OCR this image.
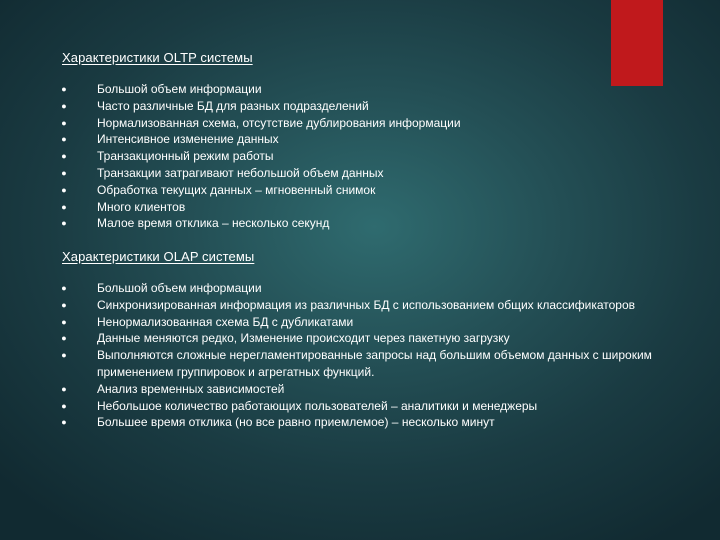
Характеристики OLTP системы
●	Большой объем информации
●	Часто различные БД для разных подразделений
●	Нормализованная схема, отсутствие дублирования информации
●	Интенсивное изменение данных
●	Транзакционный режим работы
●	Транзакции затрагивают небольшой объем данных
●	Обработка текущих данных – мгновенный снимок
●	Много клиентов
●	Малое время отклика – несколько секунд
Характеристики OLAP системы
●	Большой объем информации
●	Синхронизированная информация из различных БД с использованием общих классификаторов
●	Ненормализованная схема БД с дубликатами
●	Данные меняются редко, Изменение происходит через пакетную загрузку
●	Выполняются сложные нерегламентированные запросы над большим объемом данных с широким применением группировок и агрегатных функций.
●	Анализ временных зависимостей
●	Небольшое количество работающих пользователей – аналитики и менеджеры
●	Большее время отклика (но все равно приемлемое) – несколько минут
